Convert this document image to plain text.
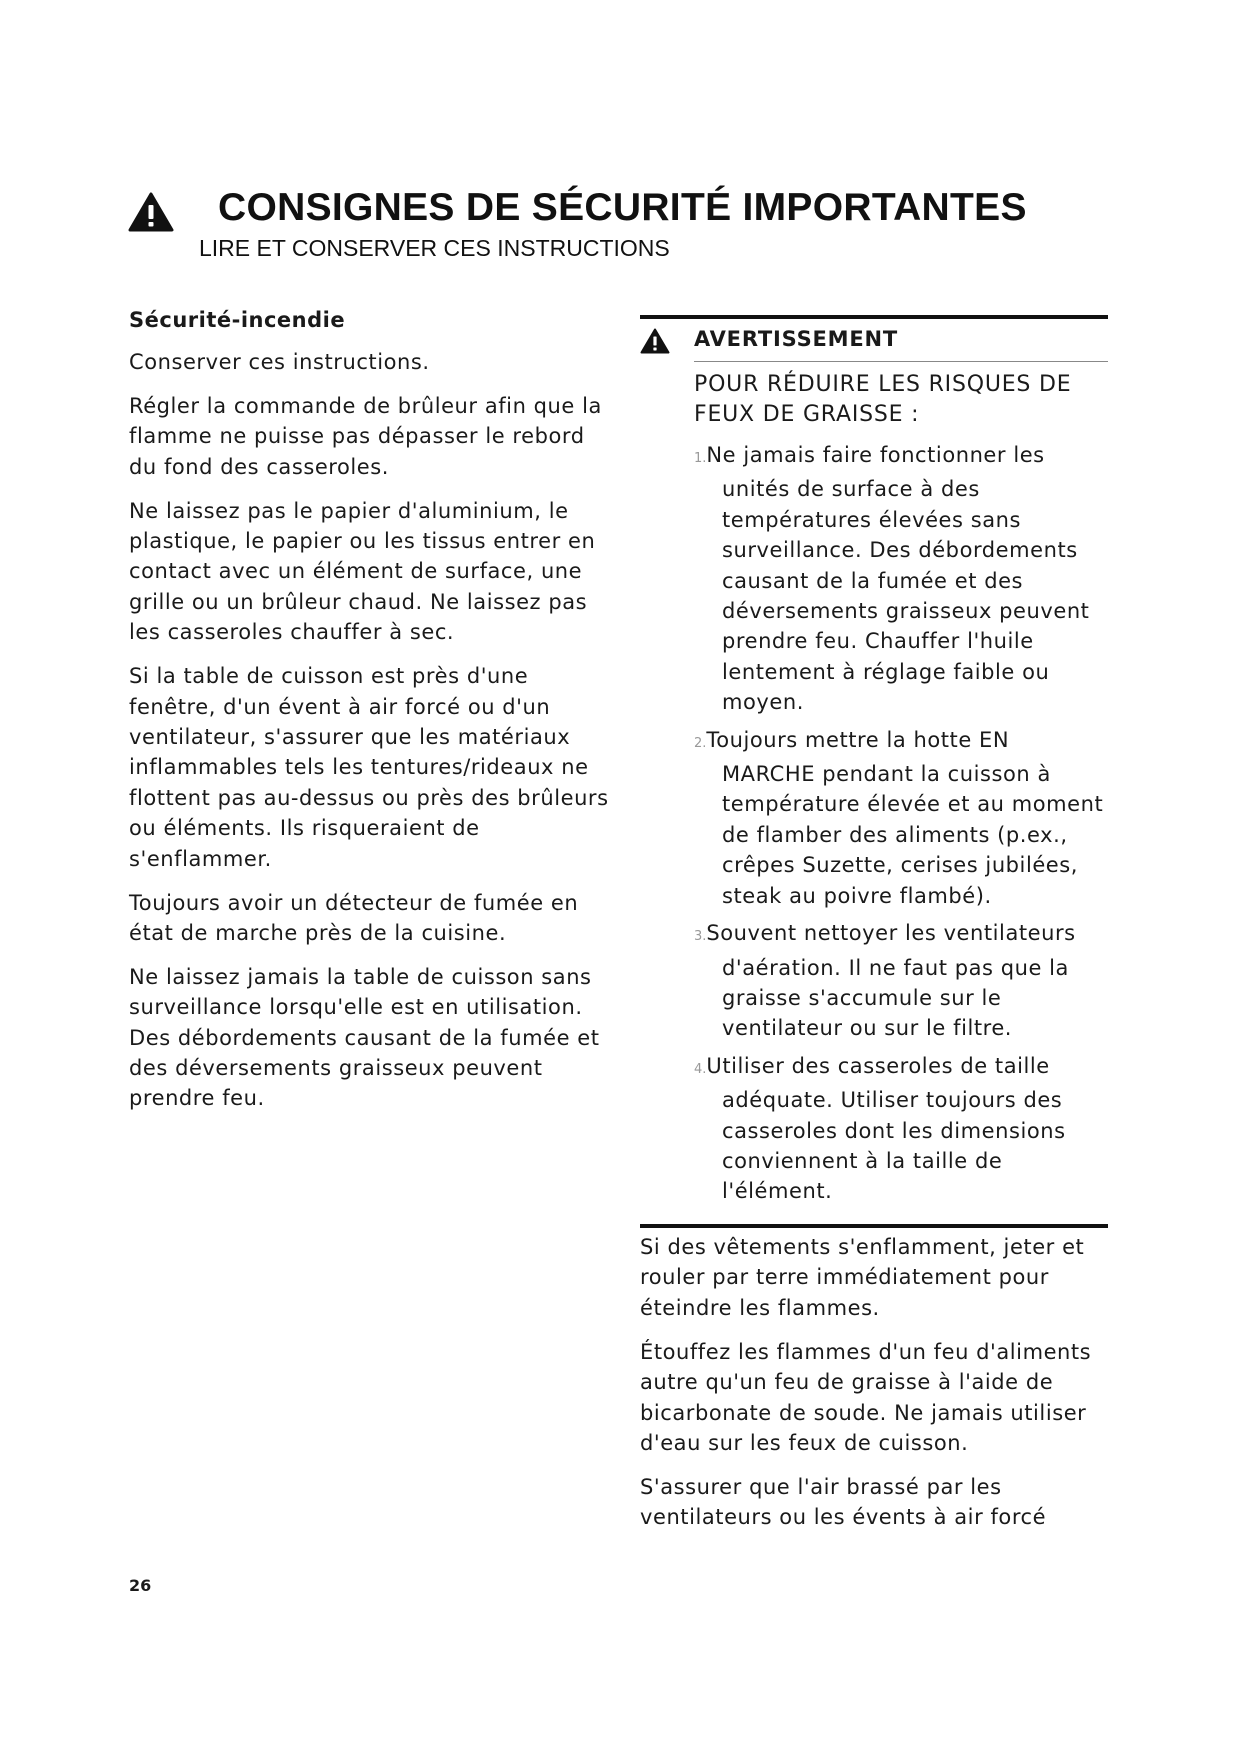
CONSIGNES DE SÉCURITÉ IMPORTANTES
LIRE ET CONSERVER CES INSTRUCTIONS
Sécurité-incendie

Conserver ces instructions.

Régler la commande de brûleur afin que la flamme ne puisse pas dépasser le rebord du fond des casseroles.

Ne laissez pas le papier d'aluminium, le plastique, le papier ou les tissus entrer en contact avec un élément de surface, une grille ou un brûleur chaud. Ne laissez pas les casseroles chauffer à sec.

Si la table de cuisson est près d'une fenêtre, d'un évent à air forcé ou d'un ventilateur, s'assurer que les matériaux inflammables tels les tentures/rideaux ne flottent pas au-dessus ou près des brûleurs ou éléments. Ils risqueraient de s'enflammer.

Toujours avoir un détecteur de fumée en état de marche près de la cuisine.

Ne laissez jamais la table de cuisson sans surveillance lorsqu'elle est en utilisation. Des débordements causant de la fumée et des déversements graisseux peuvent prendre feu.

AVERTISSEMENT
POUR RÉDUIRE LES RISQUES DE FEUX DE GRAISSE :
1.Ne jamais faire fonctionner les unités de surface à des températures élevées sans surveillance. Des débordements causant de la fumée et des déversements graisseux peuvent prendre feu. Chauffer l'huile lentement à réglage faible ou moyen.
2.Toujours mettre la hotte EN MARCHE pendant la cuisson à température élevée et au moment de flamber des aliments (p.ex., crêpes Suzette, cerises jubilées, steak au poivre flambé).
3.Souvent nettoyer les ventilateurs d'aération. Il ne faut pas que la graisse s'accumule sur le ventilateur ou sur le filtre.
4.Utiliser des casseroles de taille adéquate. Utiliser toujours des casseroles dont les dimensions conviennent à la taille de l'élément.

Si des vêtements s'enflamment, jeter et rouler par terre immédiatement pour éteindre les flammes.

Étouffez les flammes d'un feu d'aliments autre qu'un feu de graisse à l'aide de bicarbonate de soude. Ne jamais utiliser d'eau sur les feux de cuisson.

S'assurer que l'air brassé par les ventilateurs ou les évents à air forcé

26
